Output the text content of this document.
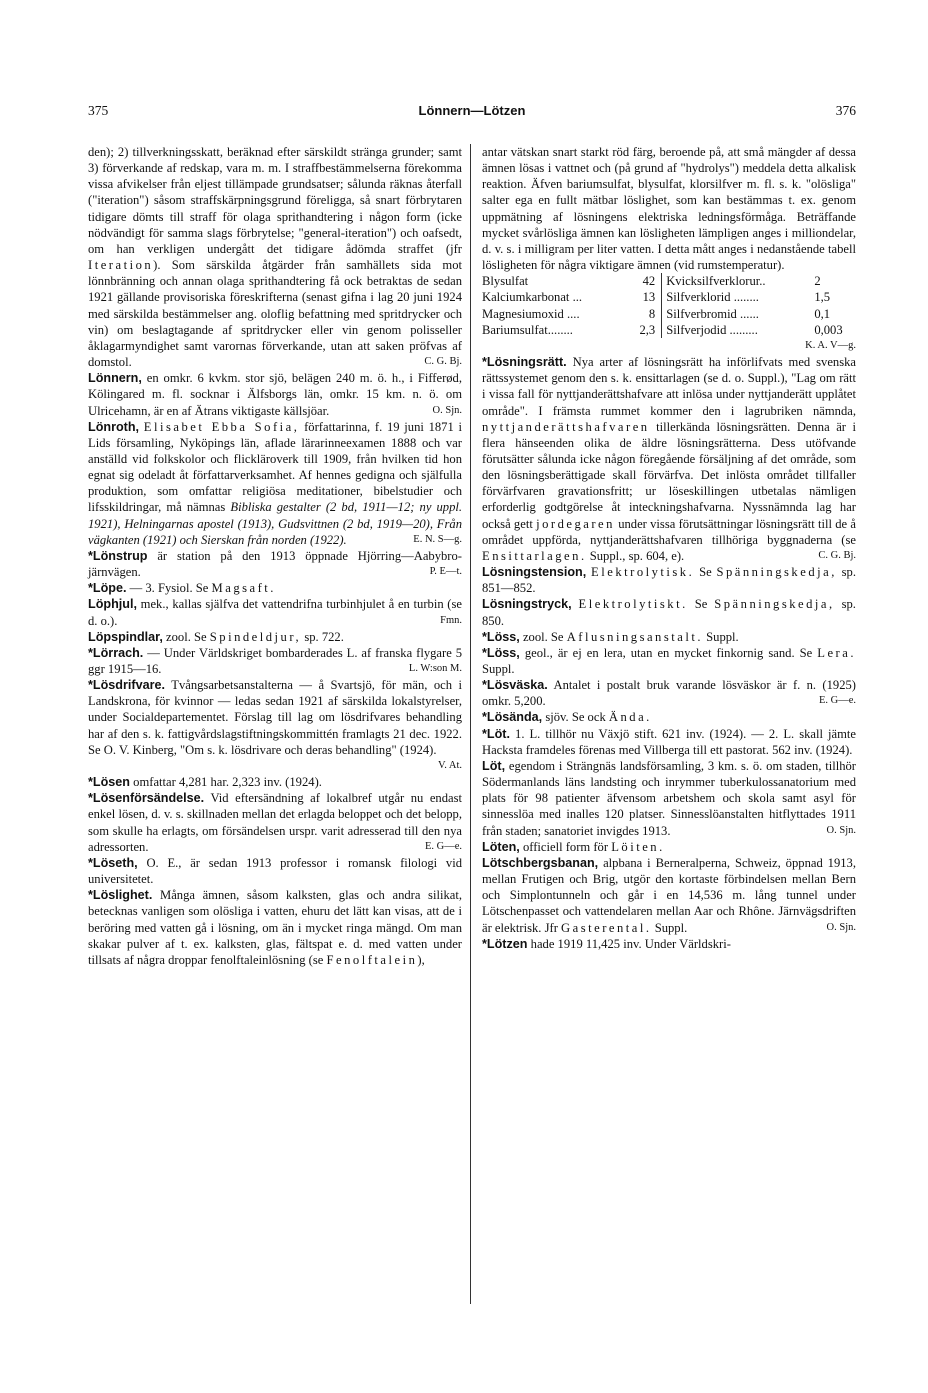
375	Lönnern—Lötzen	376

den); 2) tillverkningsskatt, beräknad efter särskildt stränga grunder; samt 3) förverkande af redskap, vara m. m. I straffbestämmelserna förekomma vissa afvikelser från eljest tillämpade grundsatser; sålunda räknas återfall ("iteration") såsom straffskärpningsgrund föreligga, så snart förbrytaren tidigare dömts till straff för olaga sprithandtering i någon form (icke nödvändigt för samma slags förbrytelse; "general-iteration") och oafsedt, om han verkligen undergått det tidigare ådömda straffet (jfr Iteration). Som särskilda åtgärder från samhällets sida mot lönnbränning och annan olaga sprithandtering få ock betraktas de sedan 1921 gällande provisoriska föreskrifterna (senast gifna i lag 20 juni 1924 med särskilda bestämmelser ang. oloflig befattning med spritdrycker och vin) om beslagtagande af spritdrycker eller vin genom polisseller åklagarmyndighet samt varornas förverkande, utan att saken pröfvas af domstol.	C. G. Bj.

Lönnern, en omkr. 6 kvkm. stor sjö, belägen 240 m. ö. h., i Fifferød, Kölingared m. fl. socknar i Älfsborgs län, omkr. 15 km. n. ö. om Ulricehamn, är en af Ätrans viktigaste källsjöar.	O. Sjn.

Lönroth, Elisabet Ebba Sofia, författarinna, f. 19 juni 1871 i Lids församling, Nyköpings län, aflade lärarinneexamen 1888 och var anställd vid folkskolor och flickläroverk till 1909, från hvilken tid hon egnat sig odeladt åt författarverksamhet. Af hennes gedigna och själfulla produktion, som omfattar religiösa meditationer, bibelstudier och lifsskildringar, må nämnas Bibliska gestalter (2 bd, 1911—12; ny uppl. 1921), Helningarnas apostel (1913), Gudsvittnen (2 bd, 1919—20), Från vägkanten (1921) och Sierskan från norden (1922).	E. N. S—g.

*Lönstrup är station på den 1913 öppnade Hjörring—Aabybro-järnvägen.	P. E—t.

*Löpe. — 3. Fysiol. Se Magsaft.

Löphjul, mek., kallas själfva det vattendrifna turbinhjulet å en turbin (se d. o.).	Fmn.

Löpspindlar, zool. Se Spindeldjur, sp. 722.

*Lörrach. — Under Världskriget bombarderades L. af franska flygare 5 ggr 1915—16.	L. W:son M.

*Lösdrifvare. Tvångsarbetsanstalterna — å Svartsjö, för män, och i Landskrona, för kvinnor — ledas sedan 1921 af särskilda lokalstyrelser, under Socialdepartementet. Förslag till lag om lösdrifvares behandling har af den s. k. fattigvårdslagstiftningskommittén framlagts 21 dec. 1922. Se O. V. Kinberg, "Om s. k. lösdrivare och deras behandling" (1924).
V. At.

*Lösen omfattar 4,281 har. 2,323 inv. (1924).

*Lösenförsändelse. Vid eftersändning af lokalbref utgår nu endast enkel lösen, d. v. s. skillnaden mellan det erlagda beloppet och det belopp, som skulle ha erlagts, om försändelsen urspr. varit adresserad till den nya adressorten.	E. G—e.

*Löseth, O. E., är sedan 1913 professor i romansk filologi vid universitetet.

*Löslighet. Många ämnen, såsom kalksten, glas och andra silikat, betecknas vanligen som olösliga i vatten, ehuru det lätt kan visas, att de i beröring med vatten gå i lösning, om än i mycket ringa mängd. Om man skakar pulver af t. ex. kalksten, glas, fältspat e. d. med vatten under tillsats af några droppar fenolftaleinlösning (se Fenolftalein),

antar vätskan snart starkt röd färg, beroende på, att små mängder af dessa ämnen lösas i vattnet och (på grund af "hydrolys") meddela detta alkalisk reaktion. Äfven bariumsulfat, blysulfat, klorsilfver m. fl. s. k. "olösliga" salter ega en fullt mätbar löslighet, som kan bestämmas t. ex. genom uppmätning af lösningens elektriska ledningsförmåga. Beträffande mycket svårlösliga ämnen kan lösligheten lämpligen anges i milliondelar, d. v. s. i milligram per liter vatten. I detta mått anges i nedanstående tabell lösligheten för några viktigare ämnen (vid rumstemperatur).

Blysulfat	42	Kvicksilfverklorur..	2
Kalciumkarbonat ...	13	Silfverklorid ........	1,5
Magnesiumoxid ....	8	Silfverbromid ......	0,1
Bariumsulfat........	2,3	Silfverjodid .........	0,003

K. A. V—g.

*Lösningsrätt. Nya arter af lösningsrätt ha införlifvats med svenska rättssystemet genom den s. k. ensittarlagen (se d. o. Suppl.), "Lag om rätt i vissa fall för nyttjanderättshafvare att inlösa under nyttjanderätt upplåtet område". I främsta rummet kommer den i lagrubriken nämnda, nyttjanderättshafvaren tillerkända lösningsrätten. Denna är i flera hänseenden olika de äldre lösningsrätterna. Dess utöfvande förutsätter sålunda icke någon föregående försäljning af det område, som den lösningsberättigade skall förvärfva. Det inlösta området tillfaller förvärfvaren gravationsfritt; ur löseskillingen utbetalas nämligen erforderlig godtgörelse åt inteckningshafvarna. Nyssnämnda lag har också gett jordegaren under vissa förutsättningar lösningsrätt till de å området uppförda, nyttjanderättshafvaren tillhöriga byggnaderna (se Ensittarlagen. Suppl., sp. 604, e).	C. G. Bj.

Lösningstension, Elektrolytisk. Se Spänningskedja, sp. 851—852.

Lösningstryck, Elektrolytiskt. Se Spänningskedja, sp. 850.

*Löss, zool. Se Aflusningsanstalt. Suppl.

*Löss, geol., är ej en lera, utan en mycket finkornig sand. Se Lera. Suppl.

*Lösväska. Antalet i postalt bruk varande lösväskor är f. n. (1925) omkr. 5,200.	E. G—e.

*Lösända, sjöv. Se ock Ända.

*Löt. 1. L. tillhör nu Växjö stift. 621 inv. (1924). — 2. L. skall jämte Hacksta framdeles förenas med Villberga till ett pastorat. 562 inv. (1924).

Löt, egendom i Strängnäs landsförsamling, 3 km. s. ö. om staden, tillhör Södermanlands läns landsting och inrymmer tuberkulossanatorium med plats för 98 patienter äfvensom arbetshem och skola samt asyl för sinnesslöa med inalles 120 platser. Sinnesslöanstalten hitflyttades 1911 från staden; sanatoriet invigdes 1913.	O. Sjn.

Löten, officiell form för Löiten.

Lötschbergsbanan, alpbana i Berneralperna, Schweiz, öppnad 1913, mellan Frutigen och Brig, utgör den kortaste förbindelsen mellan Bern och Simplontunneln och går i en 14,536 m. lång tunnel under Lötschenpasset och vattendelaren mellan Aar och Rhône. Järnvägsdriften är elektrisk. Jfr Gasterental. Suppl.	O. Sjn.

*Lötzen hade 1919 11,425 inv. Under Världskri-
